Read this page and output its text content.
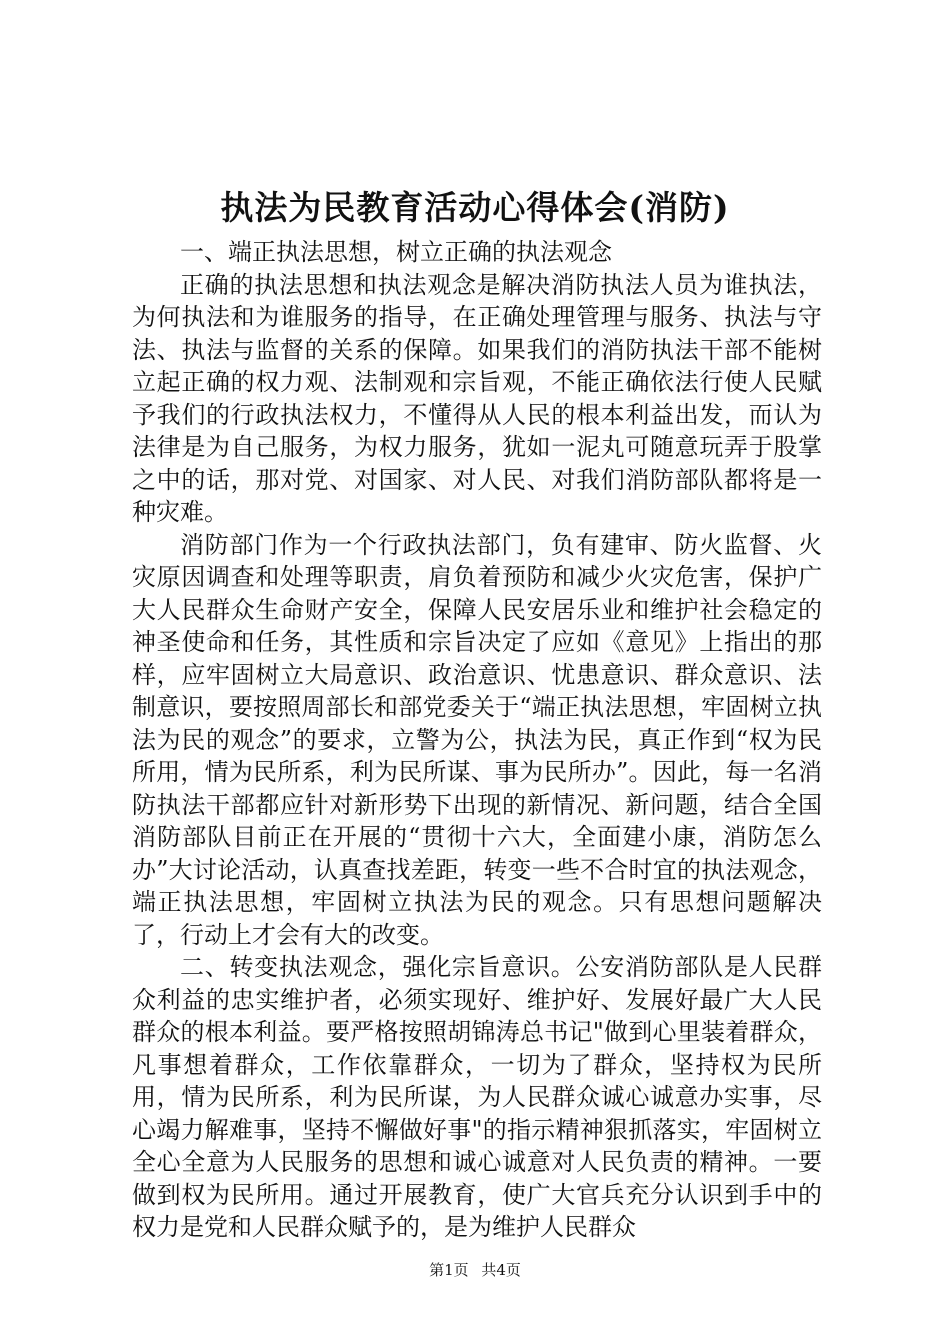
执法为民教育活动心得体会(消防)

一、端正执法思想，树立正确的执法观念

正确的执法思想和执法观念是解决消防执法人员为谁执法，为何执法和为谁服务的指导，在正确处理管理与服务、执法与守法、执法与监督的关系的保障。如果我们的消防执法干部不能树立起正确的权力观、法制观和宗旨观，不能正确依法行使人民赋予我们的行政执法权力，不懂得从人民的根本利益出发，而认为法律是为自己服务，为权力服务，犹如一泥丸可随意玩弄于股掌之中的话，那对党、对国家、对人民、对我们消防部队都将是一种灾难。

消防部门作为一个行政执法部门，负有建审、防火监督、火灾原因调查和处理等职责，肩负着预防和减少火灾危害，保护广大人民群众生命财产安全，保障人民安居乐业和维护社会稳定的神圣使命和任务，其性质和宗旨决定了应如《意见》上指出的那样，应牢固树立大局意识、政治意识、忧患意识、群众意识、法制意识，要按照周部长和部党委关于“端正执法思想，牢固树立执法为民的观念”的要求，立警为公，执法为民，真正作到“权为民所用，情为民所系，利为民所谋、事为民所办”。因此，每一名消防执法干部都应针对新形势下出现的新情况、新问题，结合全国消防部队目前正在开展的“贯彻十六大，全面建小康，消防怎么办”大讨论活动，认真查找差距，转变一些不合时宜的执法观念，端正执法思想，牢固树立执法为民的观念。只有思想问题解决了，行动上才会有大的改变。

二、转变执法观念，强化宗旨意识。公安消防部队是人民群众利益的忠实维护者，必须实现好、维护好、发展好最广大人民群众的根本利益。要严格按照胡锦涛总书记"做到心里装着群众，凡事想着群众，工作依靠群众，一切为了群众，坚持权为民所用，情为民所系，利为民所谋，为人民群众诚心诚意办实事，尽心竭力解难事，坚持不懈做好事"的指示精神狠抓落实，牢固树立全心全意为人民服务的思想和诚心诚意对人民负责的精神。一要做到权为民所用。通过开展教育，使广大官兵充分认识到手中的权力是党和人民群众赋予的，是为维护人民群众

第1页 共4页
